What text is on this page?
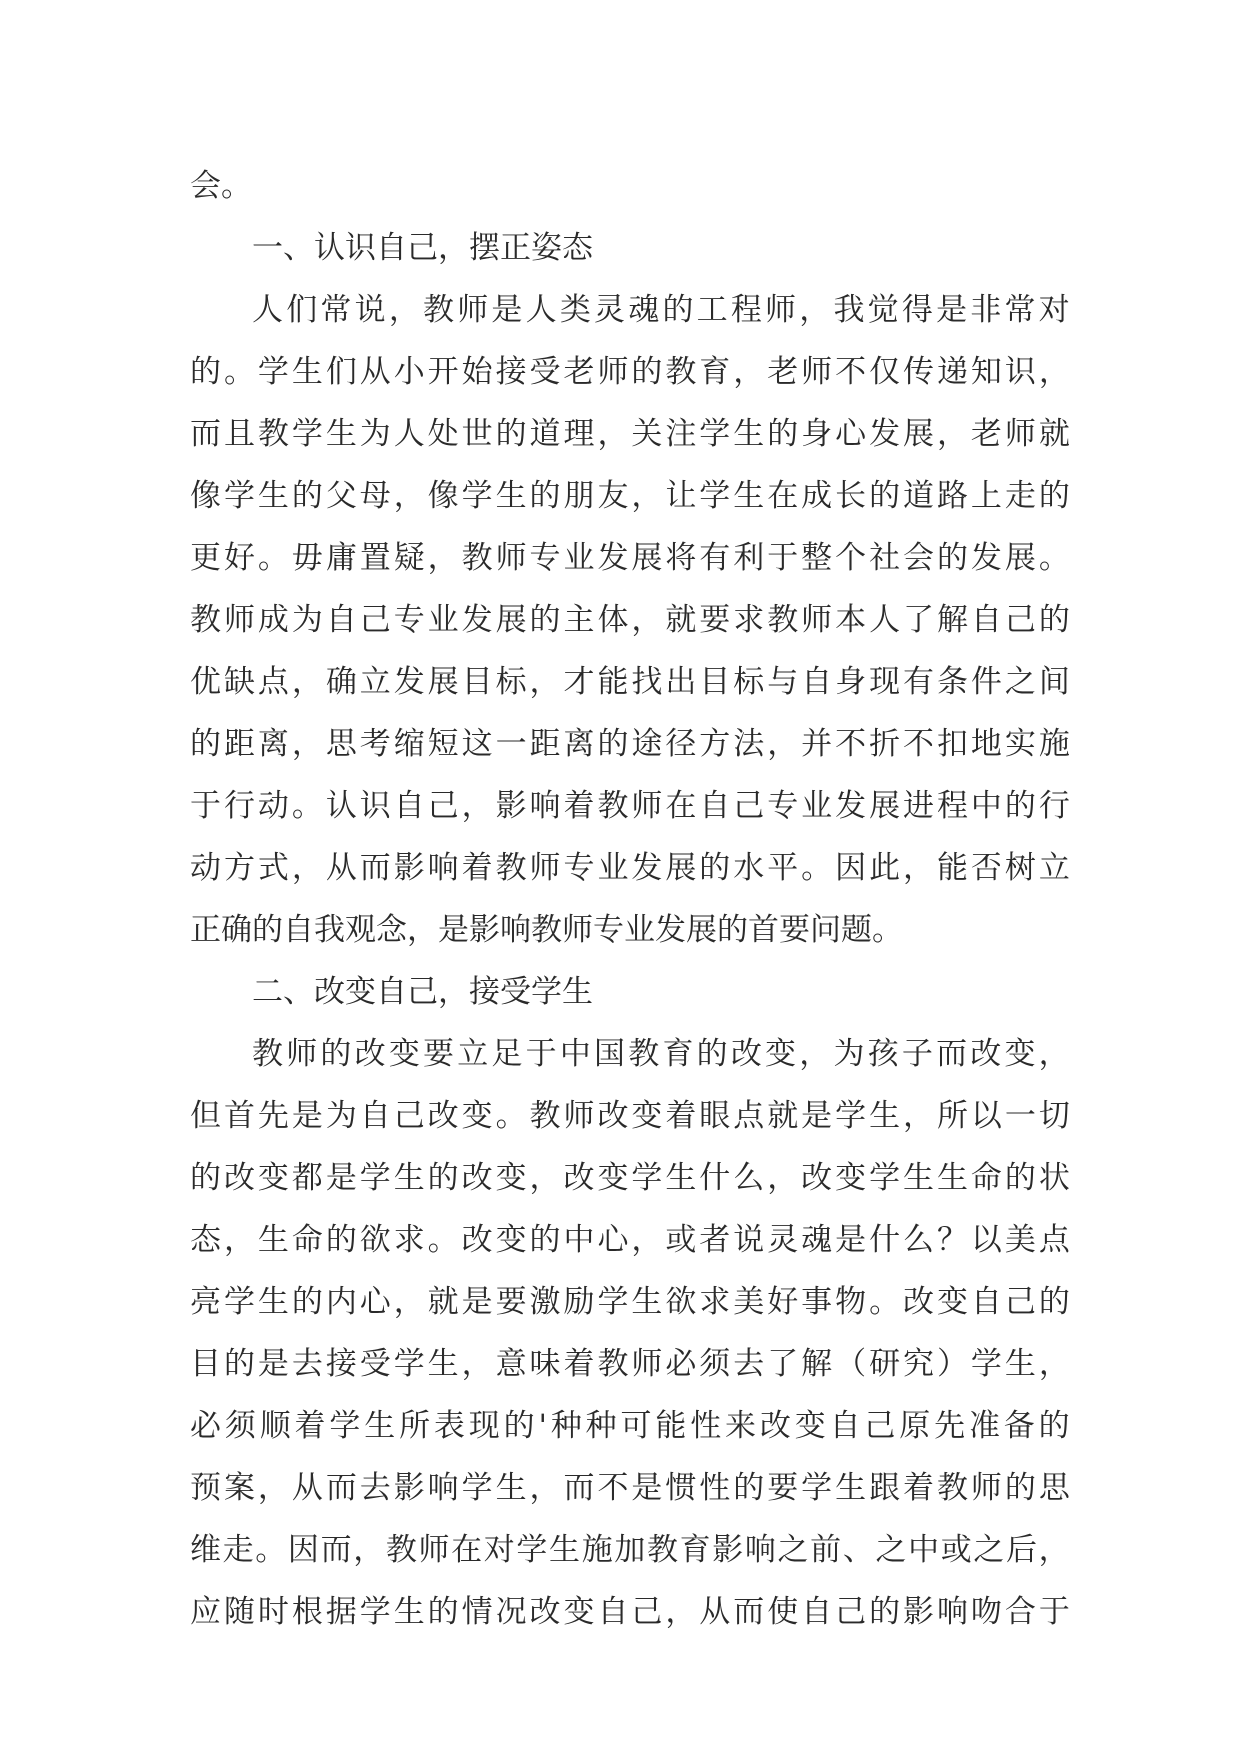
会。
一、认识自己，摆正姿态
人 们 常 说 ， 教 师 是 人 类 灵 魂 的 工 程 师 ， 我 觉 得 是 非 常 对
的 。 学 生 们 从 小 开 始 接 受 老 师 的 教 育 ， 老 师 不 仅 传 递 知 识 ，
而 且 教 学 生 为 人 处 世 的 道 理 ， 关 注 学 生 的 身 心 发 展 ， 老 师 就
像 学 生 的 父 母 ， 像 学 生 的 朋 友 ， 让 学 生 在 成 长 的 道 路 上 走 的
更 好 。 毋 庸 置 疑 ， 教 师 专 业 发 展 将 有 利 于 整 个 社 会 的 发 展 。
教 师 成 为 自 己 专 业 发 展 的 主 体 ， 就 要 求 教 师 本 人 了 解 自 己 的
优 缺 点 ， 确 立 发 展 目 标 ， 才 能 找 出 目 标 与 自 身 现 有 条 件 之 间
的 距 离 ， 思 考 缩 短 这 一 距 离 的 途 径 方 法 ， 并 不 折 不 扣 地 实 施
于 行 动 。 认 识 自 己 ， 影 响 着 教 师 在 自 己 专 业 发 展 进 程 中 的 行
动 方 式 ， 从 而 影 响 着 教 师 专 业 发 展 的 水 平 。 因 此 ， 能 否 树 立
正确的自我观念，是影响教师专业发展的首要问题。
二、改变自己，接受学生
教 师 的 改 变 要 立 足 于 中 国 教 育 的 改 变 ， 为 孩 子 而 改 变 ，
但 首 先 是 为 自 己 改 变 。 教 师 改 变 着 眼 点 就 是 学 生 ， 所 以 一 切
的 改 变 都 是 学 生 的 改 变 ， 改 变 学 生 什 么 ， 改 变 学 生 生 命 的 状
态 ， 生 命 的 欲 求 。 改 变 的 中 心 ， 或 者 说 灵 魂 是 什 么 ？ 以 美 点
亮 学 生 的 内 心 ， 就 是 要 激 励 学 生 欲 求 美 好 事 物 。 改 变 自 己 的
目 的 是 去 接 受 学 生 ， 意 味 着 教 师 必 须 去 了 解 （ 研 究 ） 学 生 ，
必 须 顺 着 学 生 所 表 现 的 ' 种 种 可 能 性 来 改 变 自 己 原 先 准 备 的
预 案 ， 从 而 去 影 响 学 生 ， 而 不 是 惯 性 的 要 学 生 跟 着 教 师 的 思
维 走 。 因 而 ， 教 师 在 对 学 生 施 加 教 育 影 响 之 前 、 之 中 或 之 后 ，
应 随 时 根 据 学 生 的 情 况 改 变 自 己 ， 从 而 使 自 己 的 影 响 吻 合 于
